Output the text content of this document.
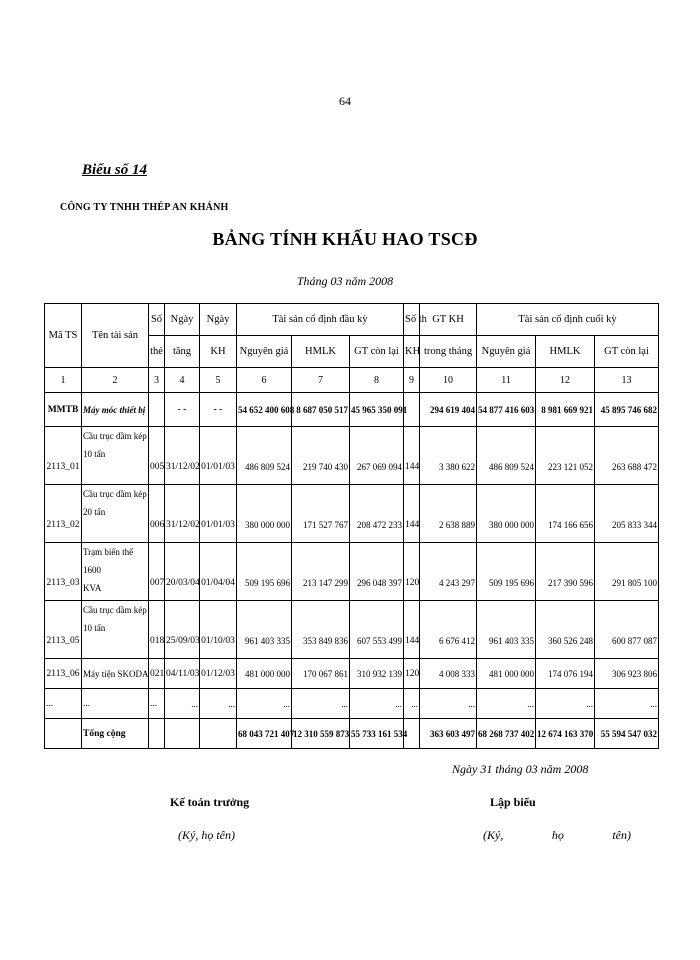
64
Biểu số 14
CÔNG TY TNHH THÉP AN KHÁNH
BẢNG TÍNH KHẤU HAO TSCĐ
Tháng 03 năm 2008
Mã TS	Tên tài sản	Số	Ngày	Ngày	Tài sản cố định đầu kỳ			Số th	GT KH	Tài sản cố định cuối kỳ		
		thẻ	tăng	KH	Nguyên giá	HMLK	GT còn lại	KH	trong tháng	Nguyên giá	HMLK	GT còn lại
1	2	3	4	5	6	7	8	9	10	11	12	13
MMTB	Máy móc thiết bị		- -	- -	54 652 400 608	8 687 050 517	45 965 350 091		294 619 404	54 877 416 603	8 981 669 921	45 895 746 682
2113_01	Cầu trục dầm kép
10 tấn	005	31/12/02	01/01/03	486 809 524	219 740 430	267 069 094	144	3 380 622	486 809 524	223 121 052	263 688 472
2113_02	Cầu trục dầm kép
20 tấn	006	31/12/02	01/01/03	380 000 000	171 527 767	208 472 233	144	2 638 889	380 000 000	174 166 656	205 833 344
2113_03	Trạm biến thế 1600
KVA	007	20/03/04	01/04/04	509 195 696	213 147 299	296 048 397	120	4 243 297	509 195 696	217 390 596	291 805 100
2113_05	Cầu trục dầm kép
10 tấn	018	25/09/03	01/10/03	961 403 335	353 849 836	607 553 499	144	6 676 412	961 403 335	360 526 248	600 877 087
2113_06	Máy tiện SKODA	021	04/11/03	01/12/03	481 000 000	170 067 861	310 932 139	120	4 008 333	481 000 000	174 076 194	306 923 806
...	...	...	...	...	...	...	...	...	...	...	...	...
	Tổng cộng				68 043 721 407	12 310 559 873	55 733 161 534		363 603 497	68 268 737 402	12 674 163 370	55 594 547 032
Ngày 31 tháng 03 năm 2008
Kế toán trưởng	Lập biểu
(Ký, họ tên)	(Ký,	họ	tên)
